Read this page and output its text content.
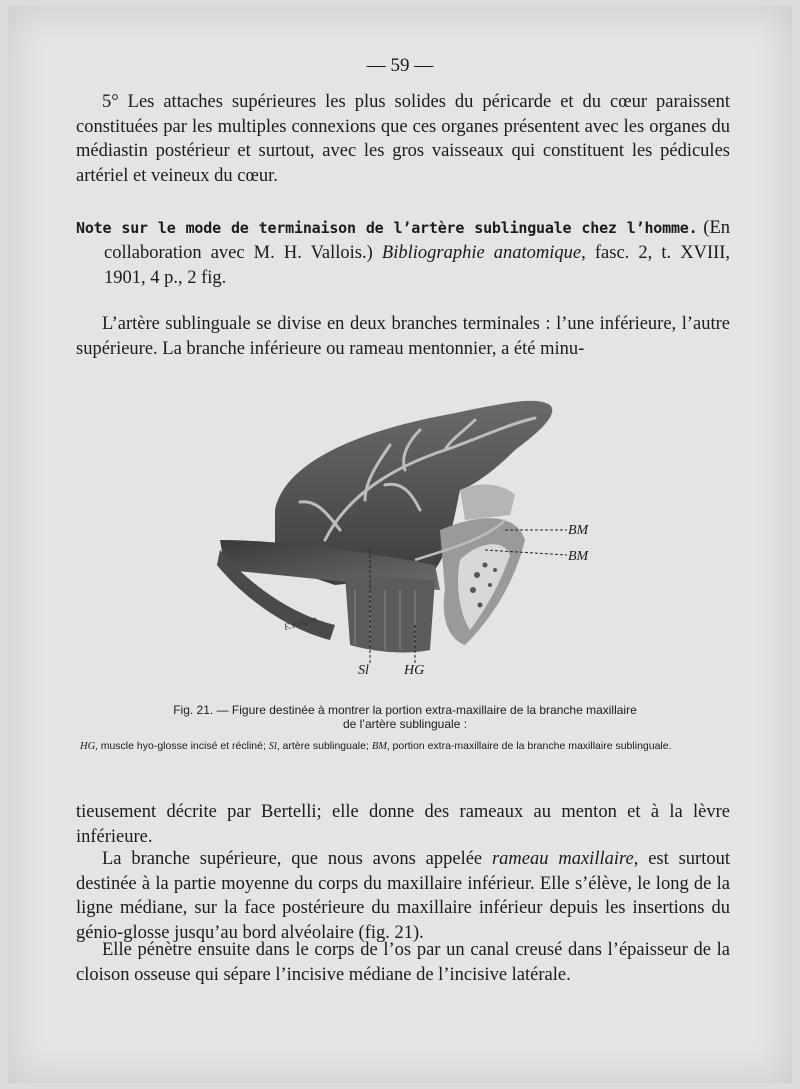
— 59 —
5° Les attaches supérieures les plus solides du péricarde et du cœur paraissent constituées par les multiples connexions que ces organes présentent avec les organes du médiastin postérieur et surtout, avec les gros vaisseaux qui constituent les pédicules artériel et veineux du cœur.
Note sur le mode de terminaison de l’artère sublinguale chez l’homme. (En collaboration avec M. H. Vallois.) Bibliographie anatomique, fasc. 2, t. XVIII, 1901, 4 p., 2 fig.
L’artère sublinguale se divise en deux branches terminales : l’une inférieure, l’autre supérieure. La branche inférieure ou rameau mentonnier, a été minu-
E.Pinçon
BM
BM
Sl	HG
Fig. 21. — Figure destinée à montrer la portion extra-maxillaire de la branche maxillaire
de l’artère sublinguale :
HG, muscle hyo-glosse incisé et récliné; Sl, artère sublinguale; BM, portion extra-maxillaire de la branche maxillaire sublinguale.
tieusement décrite par Bertelli; elle donne des rameaux au menton et à la lèvre inférieure.
La branche supérieure, que nous avons appelée rameau maxillaire, est surtout destinée à la partie moyenne du corps du maxillaire inférieur. Elle s’élève, le long de la ligne médiane, sur la face postérieure du maxillaire inférieur depuis les insertions du génio-glosse jusqu’au bord alvéolaire (fig. 21).
Elle pénètre ensuite dans le corps de l’os par un canal creusé dans l’épaisseur de la cloison osseuse qui sépare l’incisive médiane de l’incisive latérale.
